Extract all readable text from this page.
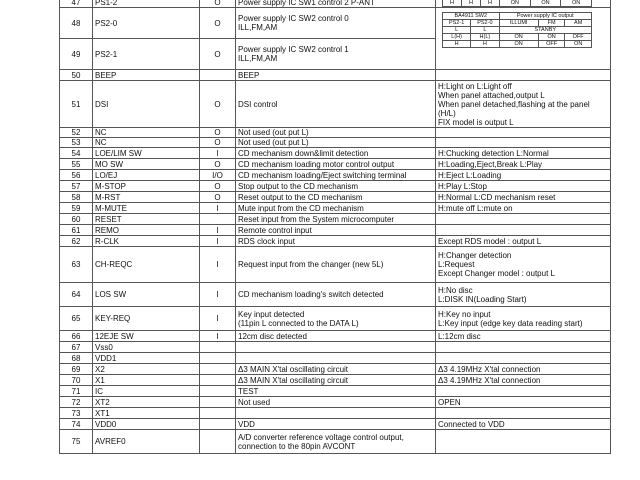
47	PS1-2	O	Power supply IC SW1 control 2 P-ANT		H	H	H	ON	ON	ON

48	PS2-0	O	Power supply IC SW2 control 0
ILL,FM,AM	
BA4911 SW2	Power supply IC output
PS2-1	PS2-0	ILLUMI	FM	AM
L	L	STANBY
L(H)	H(L)	ON	ON	OFF
H	H	ON	OFF	ON

49	PS2-1	O	Power supply IC SW2 control 1
ILL,FM,AM
50	BEEP		BEEP	
51	DSI	O	DSI control	H:Light on L:Light off
When panel attached,output L
When panel detached,flashing at the panel (H/L)
FIX model is output L
52	NC	O	Not used (out put L)	
53	NC	O	Not used (out put L)	
54	LOE/LIM SW	I	CD mechanism down&limit detection	H:Chucking detection L:Normal
55	MO SW	O	CD mechanism loading motor control output	H:Loading,Eject,Break L:Play
56	LO/EJ	I/O	CD mechanism loading/Eject switching terminal	H:Eject L:Loading
57	M-STOP	O	Stop output to the CD mechanism	H:Play L:Stop
58	M-RST	O	Reset output to the CD mechanism	H:Normal L:CD mechanism reset
59	M-MUTE	I	Mute input from the CD mechanism	H:mute off L:mute on
60	RESET		Reset input from the System microcomputer	
61	REMO	I	Remote control input	
62	R-CLK	I	RDS clock input	Except RDS model : output L
63	CH-REQC	I	Request input from the changer (new 5L)	H:Changer detection
L:Request
Except Changer model : output L
64	LOS SW	I	CD mechanism loading's switch detected	H:No disc
L:DISK IN(Loading Start)
65	KEY-REQ	I	Key input detected
(11pin L connected to the DATA L)	H:Key no input
L:Key input (edge key data reading start)
66	12EJE SW	I	12cm disc detected	L:12cm disc
67	Vss0			
68	VDD1			
69	X2		Δ3 MAIN X'tal oscillating circuit	Δ3 4.19MHz X'tal connection
70	X1		Δ3 MAIN X'tal oscillating circuit	Δ3 4.19MHz X'tal connection
71	IC		TEST	
72	XT2		Not used	OPEN
73	XT1			
74	VDD0		VDD	Connected to VDD
75	AVREF0		A/D converter reference voltage control output,
connection to the 80pin AVCONT	
